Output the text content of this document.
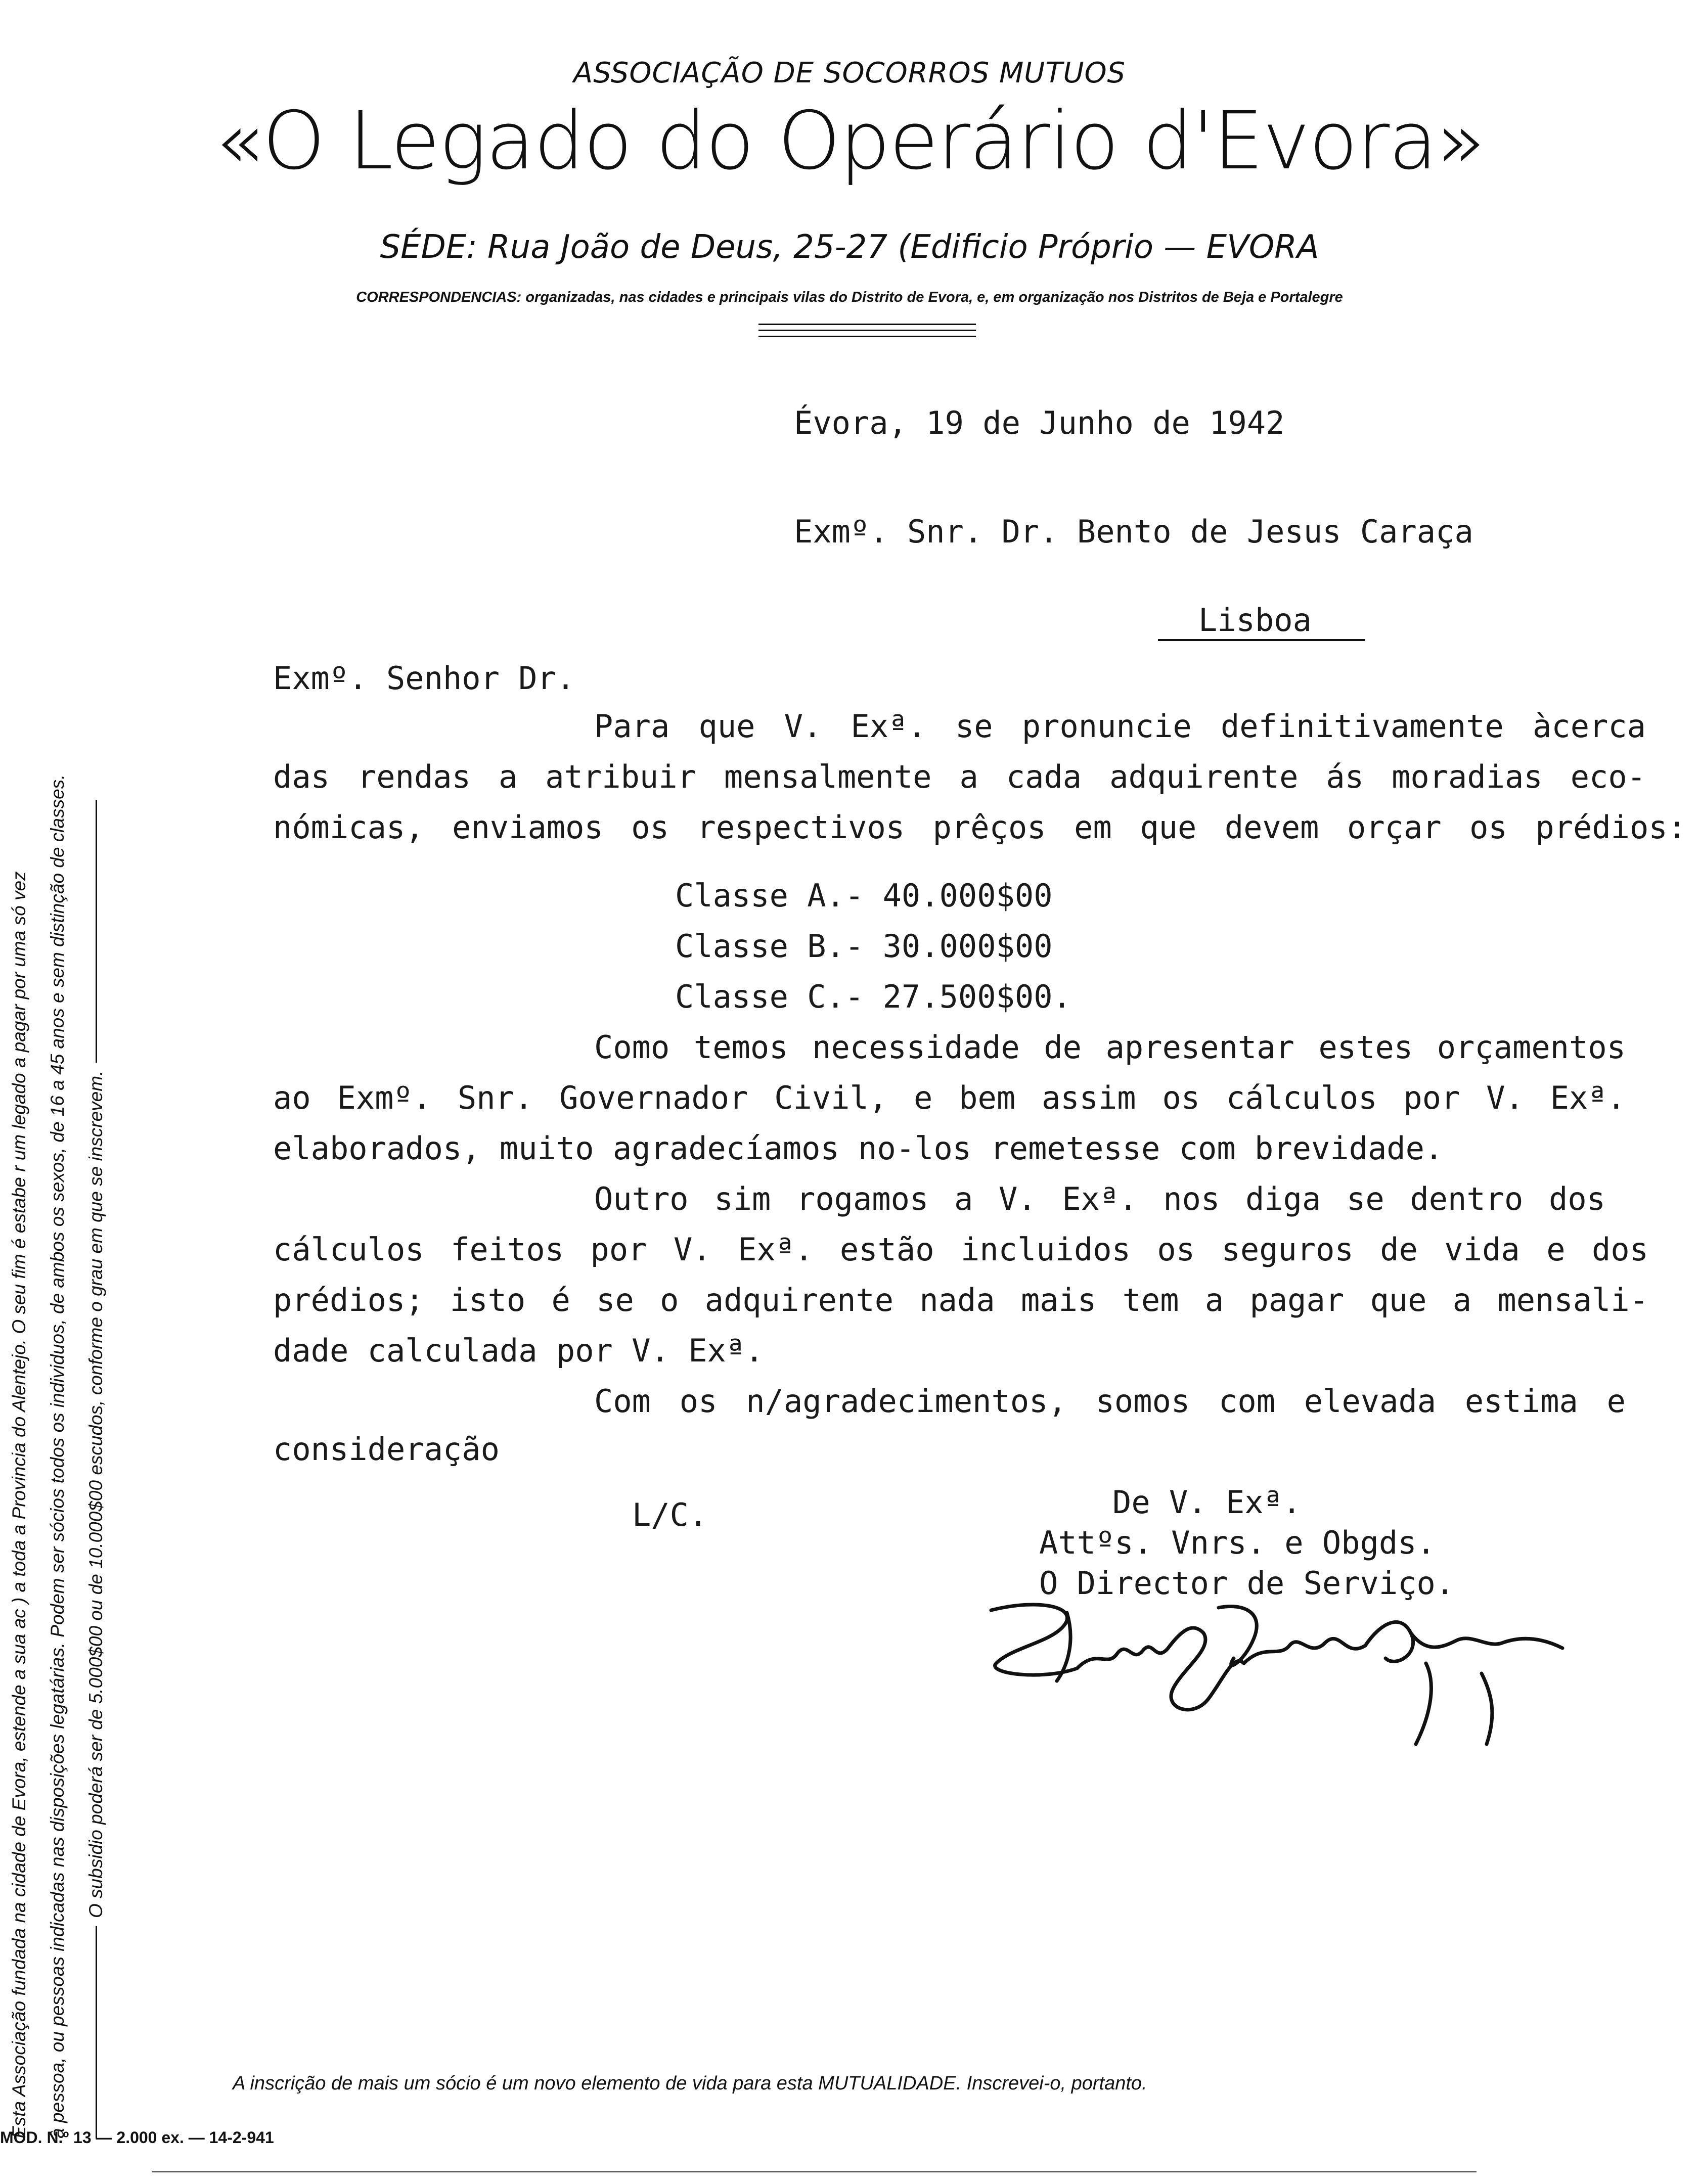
ASSOCIAÇÃO DE SOCORROS MUTUOS
«O Legado do Operário d'Evora»
SÉDE: Rua João de Deus, 25-27 (Edificio Próprio — EVORA
CORRESPONDENCIAS: organizadas, nas cidades e principais vilas do Distrito de Evora, e, em organização nos Distritos de Beja e Portalegre
Esta Associação fundada na cidade de Evora, estende a sua ac ) a toda a Provincia do Alentejo. O seu fim é estabe r um legado a pagar por uma só vez à pessoa, ou pessoas indicadas nas disposições legatárias. Podem ser sócios todos os individuos, de ambos os sexos, de 16 a 45 anos e sem distinção de classes. O subsidio poderá ser de 5.000$00 ou de 10.000$00 escudos, conforme o grau em que se inscrevem.
Évora, 19 de Junho de 1942
Exmº. Snr. Dr. Bento de Jesus Caraça
Lisboa
Exmº. Senhor Dr.
Para que V. Exª. se pronuncie definitivamente àcerca
das rendas a atribuir mensalmente a cada adquirente ás moradias eco-
nómicas, enviamos os respectivos prêços em que devem orçar os prédios:
Classe A.- 40.000$00
Classe B.- 30.000$00
Classe C.- 27.500$00.
Como temos necessidade de apresentar estes orçamentos
ao Exmº. Snr. Governador Civil, e bem assim os cálculos por V. Exª.
elaborados, muito agradecíamos no-los remetesse com brevidade.
Outro sim rogamos a V. Exª. nos diga se dentro dos
cálculos feitos por V. Exª. estão incluidos os seguros de vida e dos
prédios; isto é se o adquirente nada mais tem a pagar que a mensali-
dade calculada por V. Exª.
Com os n/agradecimentos, somos com elevada estima e
consideração
L/C.	De V. Exª.
Attºs. Vnrs. e Obgds.
O Director de Serviço.
A inscrição de mais um sócio é um novo elemento de vida para esta MUTUALIDADE. Inscrevei-o, portanto.
MOD. N.º 13 — 2.000 ex. — 14-2-941
